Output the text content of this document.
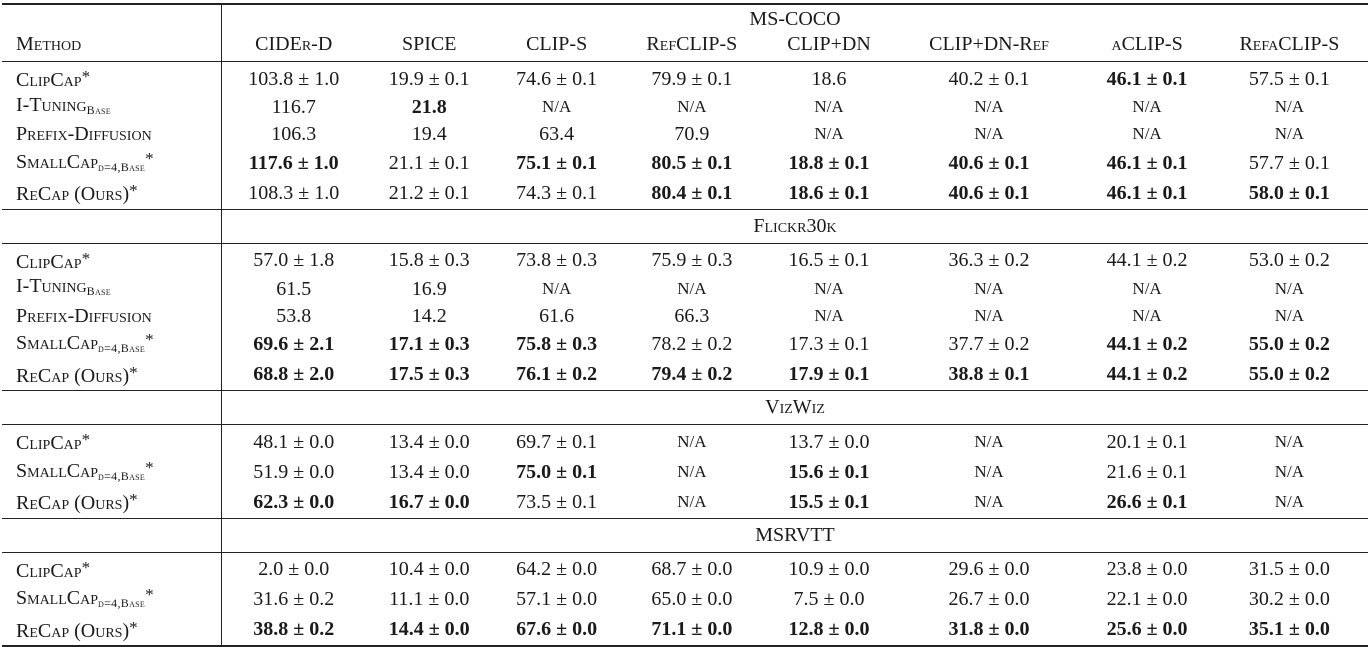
	MS-COCO							
Method	CIDEr-D	SPICE	CLIP-S	RefCLIP-S	CLIP+DN	CLIP+DN-Ref	aCLIP-S	RefaCLIP-S

ClipCap*	103.8 ± 1.0	19.9 ± 0.1	74.6 ± 0.1	79.9 ± 0.1	18.6	40.2 ± 0.1	46.1 ± 0.1	57.5 ± 0.1
I-Tuning$_{Base}$	116.7	21.8	N/A	N/A	N/A	N/A	N/A	N/A
Prefix-Diffusion	106.3	19.4	63.4	70.9	N/A	N/A	N/A	N/A
SmallCap$_{d=4,Base}$*	117.6 ± 1.0	21.1 ± 0.1	75.1 ± 0.1	80.5 ± 0.1	18.8 ± 0.1	40.6 ± 0.1	46.1 ± 0.1	57.7 ± 0.1
ReCap (Ours)*	108.3 ± 1.0	21.2 ± 0.1	74.3 ± 0.1	80.4 ± 0.1	18.6 ± 0.1	40.6 ± 0.1	46.1 ± 0.1	58.0 ± 0.1

	Flickr30k							

ClipCap*	57.0 ± 1.8	15.8 ± 0.3	73.8 ± 0.3	75.9 ± 0.3	16.5 ± 0.1	36.3 ± 0.2	44.1 ± 0.2	53.0 ± 0.2
I-Tuning$_{Base}$	61.5	16.9	N/A	N/A	N/A	N/A	N/A	N/A
Prefix-Diffusion	53.8	14.2	61.6	66.3	N/A	N/A	N/A	N/A
SmallCap$_{d=4,Base}$*	69.6 ± 2.1	17.1 ± 0.3	75.8 ± 0.3	78.2 ± 0.2	17.3 ± 0.1	37.7 ± 0.2	44.1 ± 0.2	55.0 ± 0.2
ReCap (Ours)*	68.8 ± 2.0	17.5 ± 0.3	76.1 ± 0.2	79.4 ± 0.2	17.9 ± 0.1	38.8 ± 0.1	44.1 ± 0.2	55.0 ± 0.2

	VizWiz							

ClipCap*	48.1 ± 0.0	13.4 ± 0.0	69.7 ± 0.1	N/A	13.7 ± 0.0	N/A	20.1 ± 0.1	N/A
SmallCap$_{d=4,Base}$*	51.9 ± 0.0	13.4 ± 0.0	75.0 ± 0.1	N/A	15.6 ± 0.1	N/A	21.6 ± 0.1	N/A
ReCap (Ours)*	62.3 ± 0.0	16.7 ± 0.0	73.5 ± 0.1	N/A	15.5 ± 0.1	N/A	26.6 ± 0.1	N/A

	MSRVTT							

ClipCap*	2.0 ± 0.0	10.4 ± 0.0	64.2 ± 0.0	68.7 ± 0.0	10.9 ± 0.0	29.6 ± 0.0	23.8 ± 0.0	31.5 ± 0.0
SmallCap$_{d=4,Base}$*	31.6 ± 0.2	11.1 ± 0.0	57.1 ± 0.0	65.0 ± 0.0	7.5 ± 0.0	26.7 ± 0.0	22.1 ± 0.0	30.2 ± 0.0
ReCap (Ours)*	38.8 ± 0.2	14.4 ± 0.0	67.6 ± 0.0	71.1 ± 0.0	12.8 ± 0.0	31.8 ± 0.0	25.6 ± 0.0	35.1 ± 0.0
